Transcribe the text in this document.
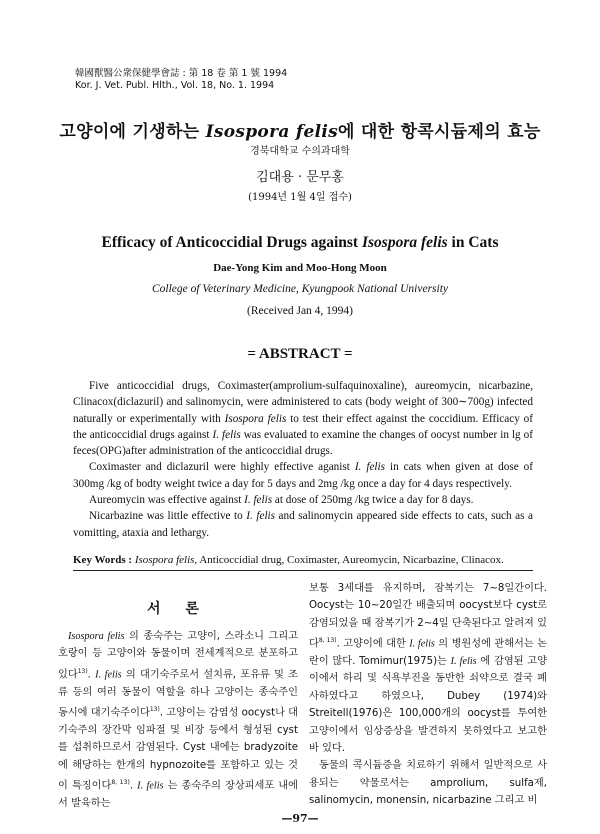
韓國獸醫公衆保健學會誌 : 第 18 卷 第 1 號 1994
Kor. J. Vet. Publ. Hlth., Vol. 18, No. 1. 1994
고양이에 기생하는 Isospora felis에 대한 항콕시듐제의 효능
경북대학교 수의과대학
김대용 · 문무홍
(1994년 1월 4일 접수)
Efficacy of Anticoccidial Drugs against Isospora felis in Cats
Dae-Yong Kim and Moo-Hong Moon
College of Veterinary Medicine, Kyungpook National University
(Received Jan 4, 1994)
= ABSTRACT =

Five anticoccidial drugs, Coximaster(amprolium-sulfaquinoxaline), aureomycin, nicarbazine, Clinacox(diclazuril) and salinomycin, were administered to cats (body weight of 300∼700g) infected naturally or experimentally with Isospora felis to test their effect against the coccidium. Efficacy of the anticoccidial drugs against I. felis was evaluated to examine the changes of oocyst number in lg of feces(OPG)after administration of the anticoccidial drugs.

Coximaster and diclazuril were highly effective aganist I. felis in cats when given at dose of 300mg /kg of bodty weight twice a day for 5 days and 2mg /kg once a day for 4 days respectively.

Aureomycin was effective against I. felis at dose of 250mg /kg twice a day for 8 days.

Nicarbazine was little effective to I. felis and salinomycin appeared side effects to cats, such as a vomitting, ataxia and lethargy.

Key Words : Isospora felis, Anticoccidial drug, Coximaster, Aureomycin, Nicarbazine, Clinacox.
서 론

Isospora felis 의 종숙주는 고양이, 스라소니 그리고 호랑이 등 고양이와 동물이며 전세계적으로 분포하고 있다$^{13)}$. I. felis 의 대기숙주로서 설치류, 포유류 및 조류 등의 여러 동물이 역할을 하나 고양이는 종숙주인 동시에 대기숙주이다$^{13)}$. 고양이는 감염성 oocyst나 대기숙주의 장간막 임파절 및 비장 등에서 형성된 cyst를 섭취하므로서 감염된다. Cyst 내에는 bradyzoite에 해당하는 한개의 hypnozoite를 포함하고 있는 것이 특징이다$^{8, 13)}$. I. felis 는 종숙주의 장상피세포 내에서 발육하는

보통 3세대를 유지하며, 잠복기는 7∼8일간이다. Oocyst는 10∼20일간 배출되며 oocyst보다 cyst로 감염되었을 때 잠복기가 2∼4일 단축된다고 알려져 있다$^{8, 13)}$. 고양이에 대한 I. felis 의 병원성에 관해서는 논란이 많다. Tomimur(1975)는 I. felis 에 감염된 고양이에서 하리 및 식욕부진을 동반한 쇠약으로 결국 폐사하였다고 하였으나, Dubey (1974)와 Streitell(1976)은 100,000개의 oocyst를 투여한 고양이에서 임상증상을 발견하지 못하였다고 보고한바 있다.

동물의 콕시듐증을 치료하기 위해서 일반적으로 사용되는 약물로서는 amprolium, sulfa제, salinomycin, monensin, nicarbazine 그리고 비

—97—
